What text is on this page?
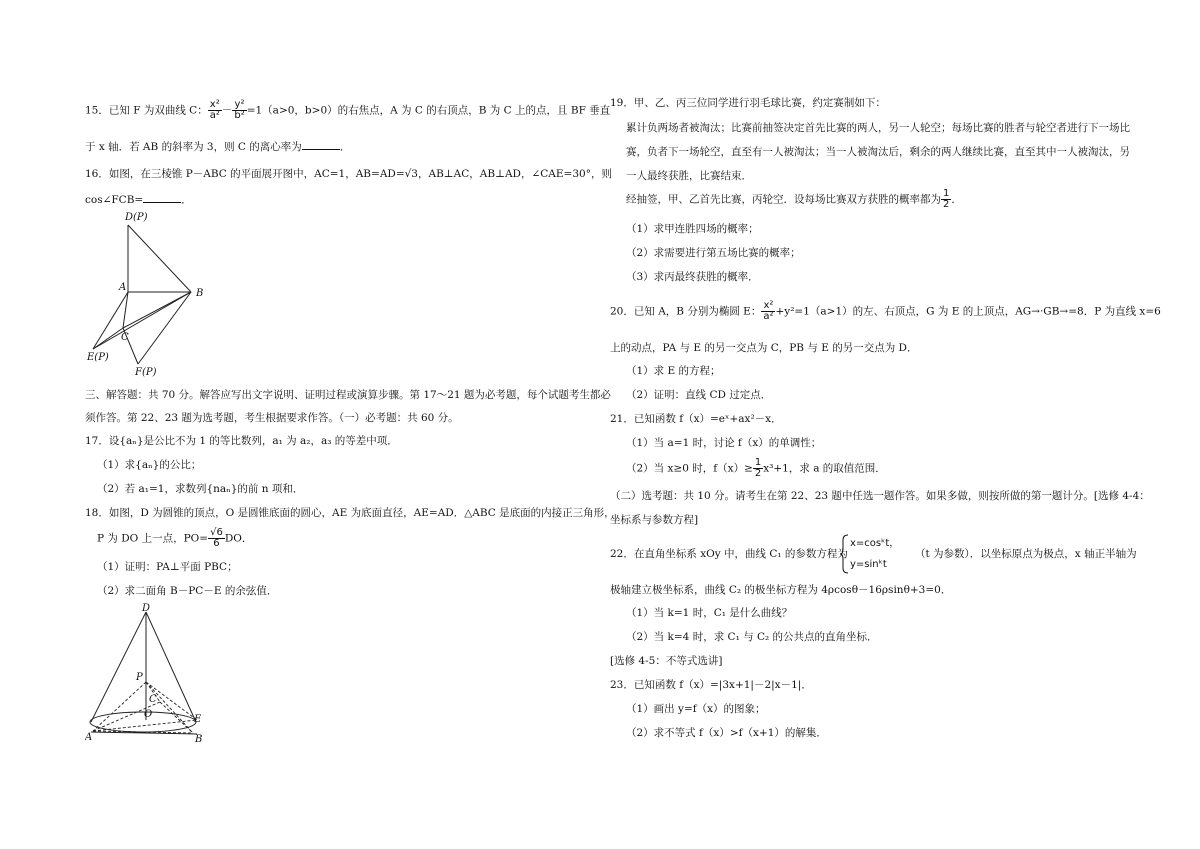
15．已知 F 为双曲线 C： $\frac{\text{x²}}{\text{a²}} - \frac{\text{y²}}{\text{b²}} =1(a>0$，b>0）的右焦点，A 为 C 的右顶点，B 为 C 上的点，且 BF 垂直
于 x 轴．若 AB 的斜率为 3，则 C 的离心率为	．
16．如图，在三棱锥 P－ABC 的平面展开图中，AC=1，AB=AD=√3，AB⊥AC，AB⊥AD，∠CAE=30°，则
cos∠FCB=	．
D(P)
A
B
C
E(P)
F(P)
三、解答题：共 70 分。解答应写出文字说明、证明过程或演算步骤。第 17～21 题为必考题，每个试题考生都必
须作答。第 22、23 题为选考题，考生根据要求作答。（一）必考题：共 60 分。
17．设{aₙ}是公比不为 1 的等比数列，a₁ 为 a₂，a₃ 的等差中项．
（1）求{aₙ}的公比；
（2）若 a₁=1，求数列{naₙ}的前 n 项和．
18．如图，D 为圆锥的顶点，O 是圆锥底面的圆心，AE 为底面直径，AE=AD．△ABC 是底面的内接正三角形，
P 为 DO 上一点，$PO= \frac{√6}{6}$ DO．
（1）证明：PA⊥平面 PBC；
（2）求二面角 B－PC－E 的余弦值．
D
P
C
O	E
A	B
19．甲、乙、丙三位同学进行羽毛球比赛，约定赛制如下：
累计负两场者被淘汰；比赛前抽签决定首先比赛的两人，另一人轮空；每场比赛的胜者与轮空者进行下一场比
赛，负者下一场轮空，直至有一人被淘汰；当一人被淘汰后，剩余的两人继续比赛，直至其中一人被淘汰，另
一人最终获胜，比赛结束．
经抽签，甲、乙首先比赛，丙轮空．设每场比赛双方获胜的概率都为 $\frac{1}{2}$ ．
（1）求甲连胜四场的概率；
（2）求需要进行第五场比赛的概率；
（3）求丙最终获胜的概率．
20．已知 A，B 分别为椭圆 E： $\frac{\text{x²}}{\text{a²}} +y^2=1(a>1)$的左、右顶点，G 为 E 的上顶点，AG→·GB→=8．P 为直线 x=6
上的动点，PA 与 E 的另一交点为 C，PB 与 E 的另一交点为 D．
（1）求 E 的方程；
（2）证明：直线 CD 过定点．
21．已知函数 f（x）=eˣ+ax²－x．
（1）当 a=1 时，讨论 f（x）的单调性；
（2）当 x≥0 时，$f(x)\ge \frac{1}{2} x^3+1$，求 a 的取值范围．
（二）选考题：共 10 分。请考生在第 22、23 题中任选一题作答。如果多做，则按所做的第一题计分。[选修 4-4：
坐标系与参数方程]
22．在直角坐标系 xOy 中，曲线 C₁ 的参数方程为
x=cosᵏt，
y=sinᵏt
（t 为参数）．以坐标原点为极点，x 轴正半轴为
极轴建立极坐标系，曲线 C₂ 的极坐标方程为 4ρcosθ－16ρsinθ+3=0．
（1）当 k=1 时，C₁ 是什么曲线？
（2）当 k=4 时，求 C₁ 与 C₂ 的公共点的直角坐标．
[选修 4-5：不等式选讲]
23．已知函数 f（x）=|3x+1|－2|x－1|．
（1）画出 y=f（x）的图象；
（2）求不等式 f（x）>f（x+1）的解集．
